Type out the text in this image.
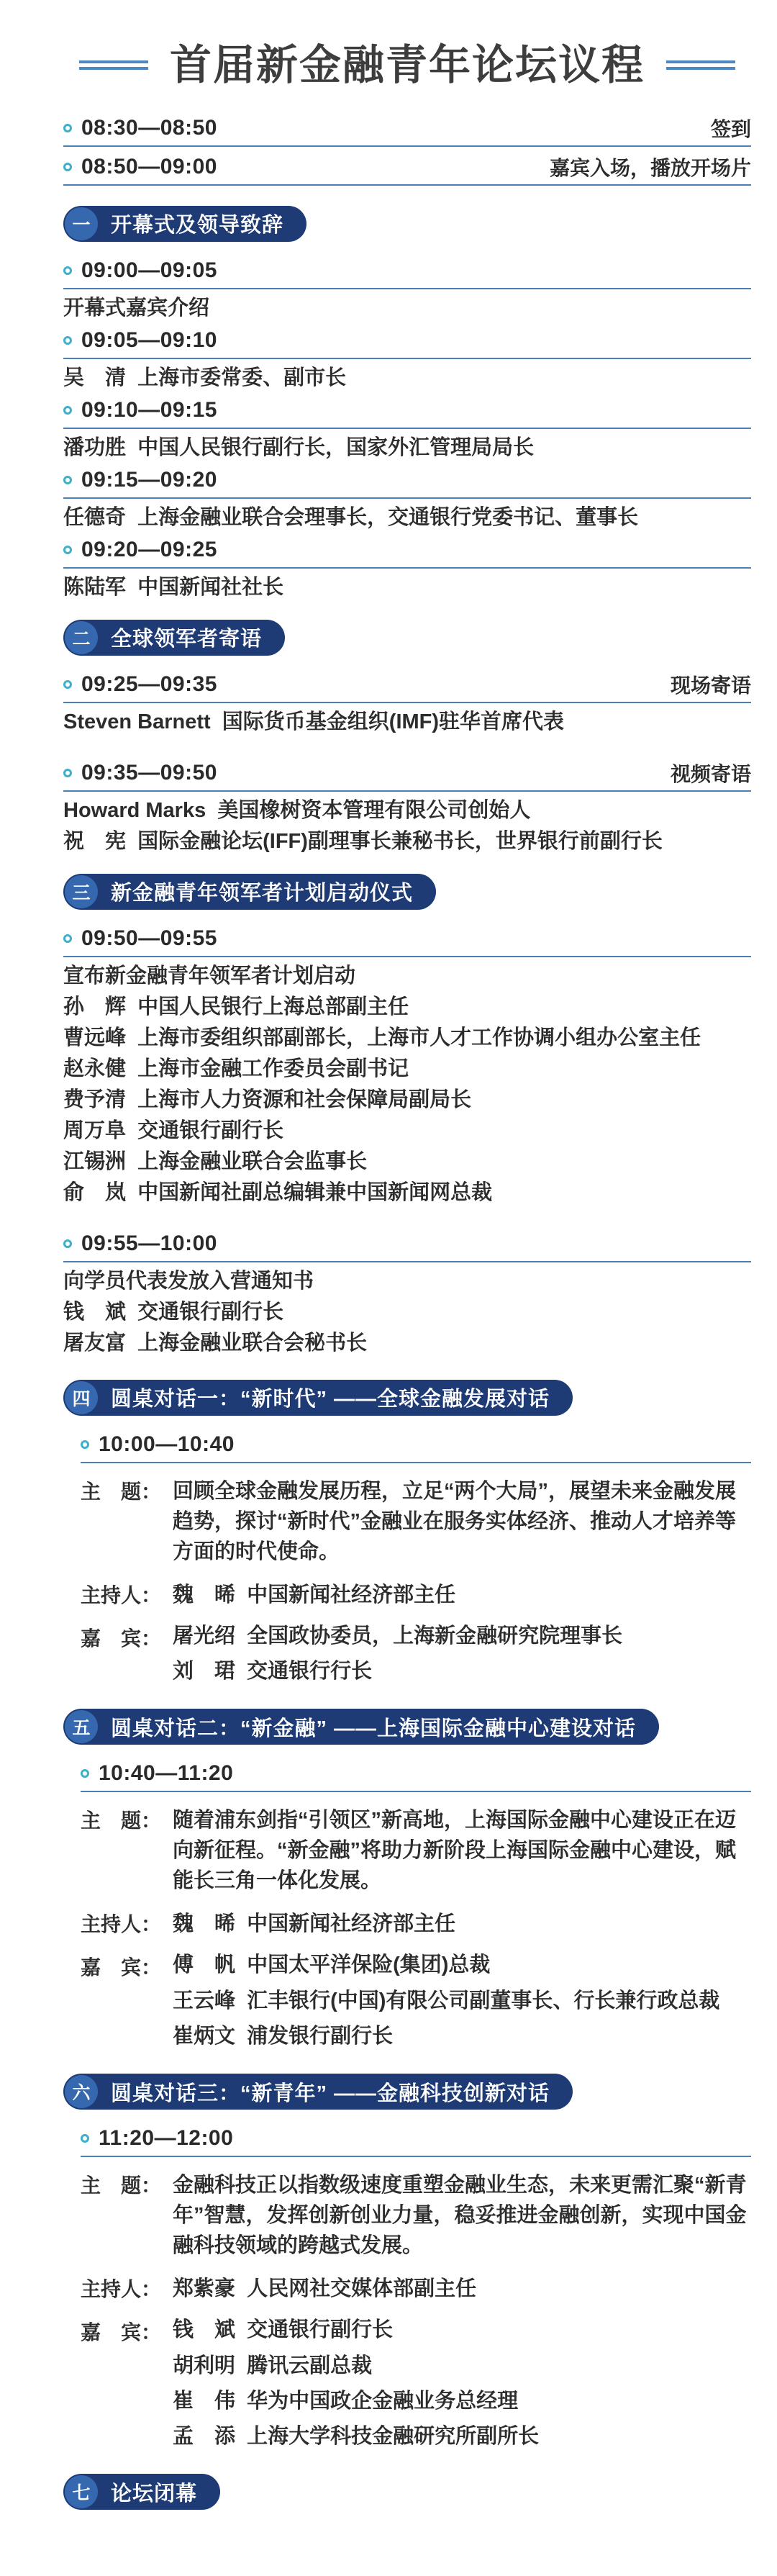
首届新金融青年论坛议程
08:30—08:50	签到
08:50—09:00	嘉宾入场，播放开场片
一 开幕式及领导致辞
09:00—09:05
开幕式嘉宾介绍
09:05—09:10
吴　清  上海市委常委、副市长
09:10—09:15
潘功胜  中国人民银行副行长，国家外汇管理局局长
09:15—09:20
任德奇  上海金融业联合会理事长，交通银行党委书记、董事长
09:20—09:25
陈陆军  中国新闻社社长
二 全球领军者寄语
09:25—09:35	现场寄语
Steven Barnett  国际货币基金组织(IMF)驻华首席代表
09:35—09:50	视频寄语
Howard Marks  美国橡树资本管理有限公司创始人
祝　宪  国际金融论坛(IFF)副理事长兼秘书长，世界银行前副行长
三 新金融青年领军者计划启动仪式
09:50—09:55
宣布新金融青年领军者计划启动
孙　辉  中国人民银行上海总部副主任
曹远峰  上海市委组织部副部长，上海市人才工作协调小组办公室主任
赵永健  上海市金融工作委员会副书记
费予清  上海市人力资源和社会保障局副局长
周万阜  交通银行副行长
江锡洲  上海金融业联合会监事长
俞　岚  中国新闻社副总编辑兼中国新闻网总裁
09:55—10:00
向学员代表发放入营通知书
钱　斌  交通银行副行长
屠友富  上海金融业联合会秘书长
四 圆桌对话一：“新时代” ——全球金融发展对话
10:00—10:40
主　题： 回顾全球金融发展历程，立足“两个大局”，展望未来金融发展趋势，探讨“新时代”金融业在服务实体经济、推动人才培养等方面的时代使命。
主持人： 魏　晞  中国新闻社经济部主任
嘉　宾： 屠光绍  全国政协委员，上海新金融研究院理事长
刘　珺  交通银行行长
五 圆桌对话二：“新金融” ——上海国际金融中心建设对话
10:40—11:20
主　题： 随着浦东剑指“引领区”新高地，上海国际金融中心建设正在迈向新征程。“新金融”将助力新阶段上海国际金融中心建设，赋能长三角一体化发展。
主持人： 魏　晞  中国新闻社经济部主任
嘉　宾： 傅　帆  中国太平洋保险(集团)总裁
王云峰  汇丰银行(中国)有限公司副董事长、行长兼行政总裁
崔炳文  浦发银行副行长
六 圆桌对话三：“新青年” ——金融科技创新对话
11:20—12:00
主　题： 金融科技正以指数级速度重塑金融业生态，未来更需汇聚“新青年”智慧，发挥创新创业力量，稳妥推进金融创新，实现中国金融科技领域的跨越式发展。
主持人： 郑紫豪  人民网社交媒体部副主任
嘉　宾： 钱　斌  交通银行副行长
胡利明  腾讯云副总裁
崔　伟  华为中国政企金融业务总经理
孟　添  上海大学科技金融研究所副所长
七 论坛闭幕
